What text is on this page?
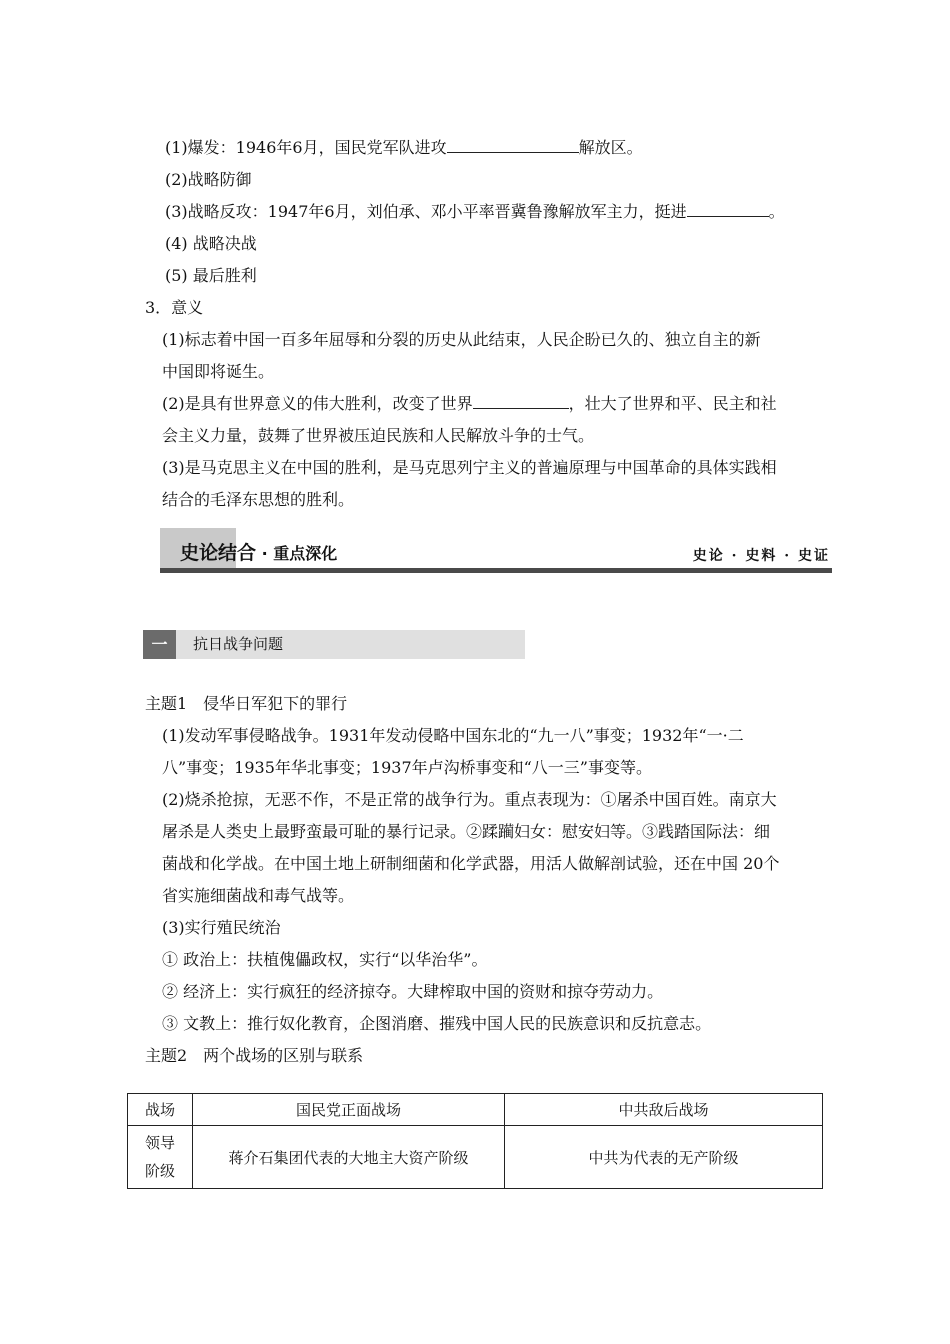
(1)爆发：1946年6月，国民党军队进攻	解放区。
(2)战略防御
(3)战略反攻：1947年6月，刘伯承、邓小平率晋冀鲁豫解放军主力，挺进	。
(4) 战略决战
(5) 最后胜利
3．意义
(1)标志着中国一百多年屈辱和分裂的历史从此结束，人民企盼已久的、独立自主的新
中国即将诞生。
(2)是具有世界意义的伟大胜利，改变了世界	，壮大了世界和平、民主和社
会主义力量，鼓舞了世界被压迫民族和人民解放斗争的士气。
(3)是马克思主义在中国的胜利，是马克思列宁主义的普遍原理与中国革命的具体实践相
结合的毛泽东思想的胜利。
史论结合 · 重点深化	史论 · 史料 · 史证
一	抗日战争问题
主题1　侵华日军犯下的罪行
(1)发动军事侵略战争。1931年发动侵略中国东北的“九一八”事变；1932年“一·二
八”事变；1935年华北事变；1937年卢沟桥事变和“八一三”事变等。
(2)烧杀抢掠，无恶不作，不是正常的战争行为。重点表现为：①屠杀中国百姓。南京大
屠杀是人类史上最野蛮最可耻的暴行记录。②蹂躏妇女：慰安妇等。③践踏国际法：细
菌战和化学战。在中国土地上研制细菌和化学武器，用活人做解剖试验，还在中国 20个
省实施细菌战和毒气战等。
(3)实行殖民统治
① 政治上：扶植傀儡政权，实行“以华治华”。
② 经济上：实行疯狂的经济掠夺。大肆榨取中国的资财和掠夺劳动力。
③ 文教上：推行奴化教育，企图消磨、摧残中国人民的民族意识和反抗意志。
主题2　两个战场的区别与联系
战场	国民党正面战场	中共敌后战场

领导
阶级	蒋介石集团代表的大地主大资产阶级	中共为代表的无产阶级
